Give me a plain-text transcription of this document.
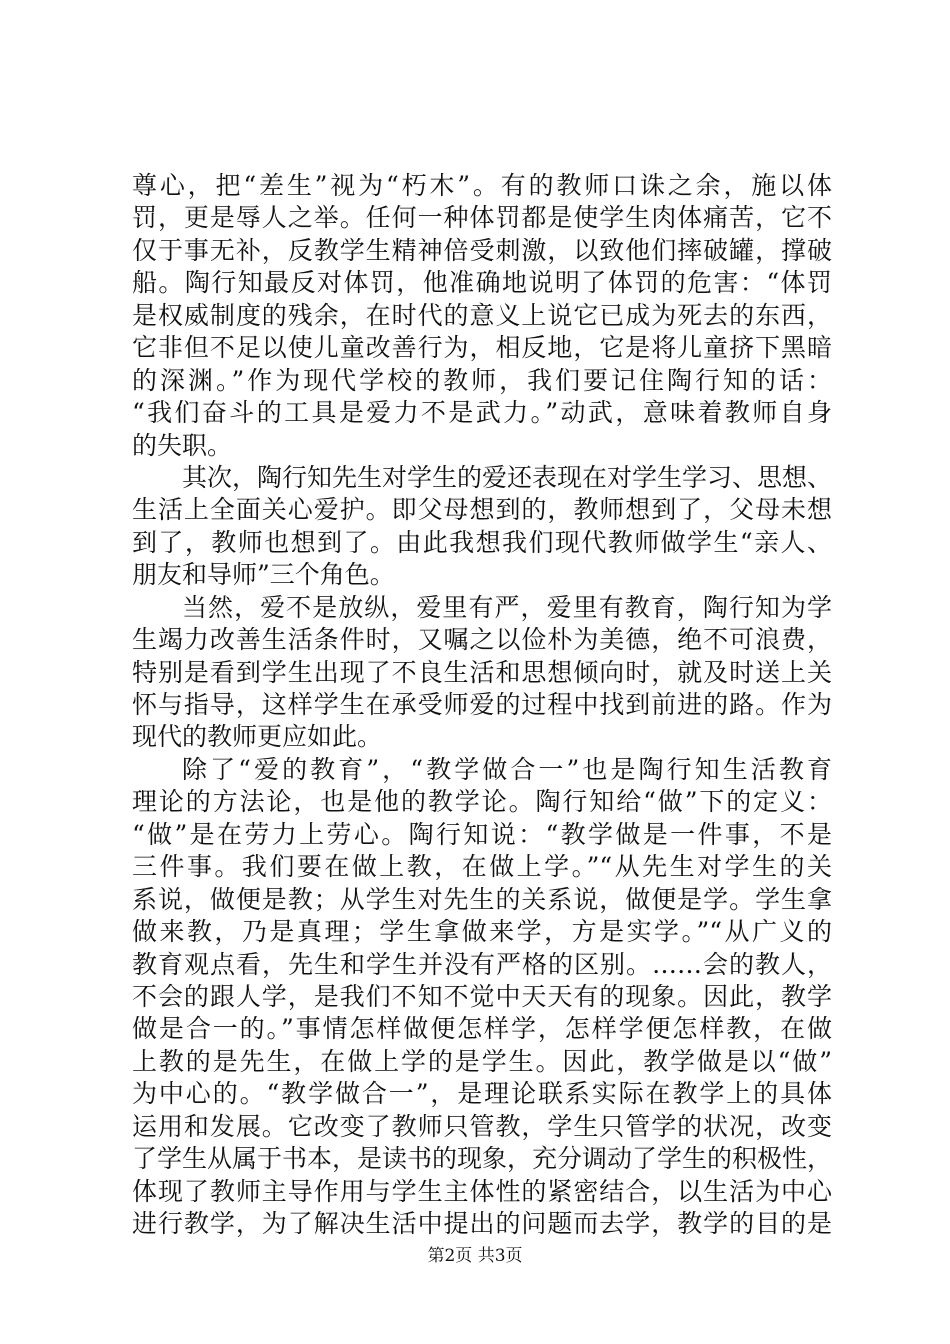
尊心，把“差生”视为“朽木”。有的教师口诛之余，施以体
罚，更是辱人之举。任何一种体罚都是使学生肉体痛苦，它不
仅于事无补，反教学生精神倍受刺激，以致他们摔破罐，撑破
船。陶行知最反对体罚，他准确地说明了体罚的危害：“体罚
是权威制度的残余，在时代的意义上说它已成为死去的东西，
它非但不足以使儿童改善行为，相反地，它是将儿童挤下黑暗
的深渊。”作为现代学校的教师，我们要记住陶行知的话：
“我们奋斗的工具是爱力不是武力。”动武，意味着教师自身
的失职。
其次，陶行知先生对学生的爱还表现在对学生学习、思想、
生活上全面关心爱护。即父母想到的，教师想到了，父母未想
到了，教师也想到了。由此我想我们现代教师做学生“亲人、
朋友和导师”三个角色。
当然，爱不是放纵，爱里有严，爱里有教育，陶行知为学
生竭力改善生活条件时，又嘱之以俭朴为美德，绝不可浪费，
特别是看到学生出现了不良生活和思想倾向时，就及时送上关
怀与指导，这样学生在承受师爱的过程中找到前进的路。作为
现代的教师更应如此。
除了“爱的教育”，“教学做合一”也是陶行知生活教育
理论的方法论，也是他的教学论。陶行知给“做”下的定义：
“做”是在劳力上劳心。陶行知说：“教学做是一件事，不是
三件事。我们要在做上教，在做上学。”“从先生对学生的关
系说，做便是教；从学生对先生的关系说，做便是学。学生拿
做来教，乃是真理；学生拿做来学，方是实学。”“从广义的
教育观点看，先生和学生并没有严格的区别。……会的教人，
不会的跟人学，是我们不知不觉中天天有的现象。因此，教学
做是合一的。”事情怎样做便怎样学，怎样学便怎样教，在做
上教的是先生，在做上学的是学生。因此，教学做是以“做”
为中心的。“教学做合一”，是理论联系实际在教学上的具体
运用和发展。它改变了教师只管教，学生只管学的状况，改变
了学生从属于书本，是读书的现象，充分调动了学生的积极性，
体现了教师主导作用与学生主体性的紧密结合，以生活为中心
进行教学，为了解决生活中提出的问题而去学，教学的目的是
第2页 共3页
